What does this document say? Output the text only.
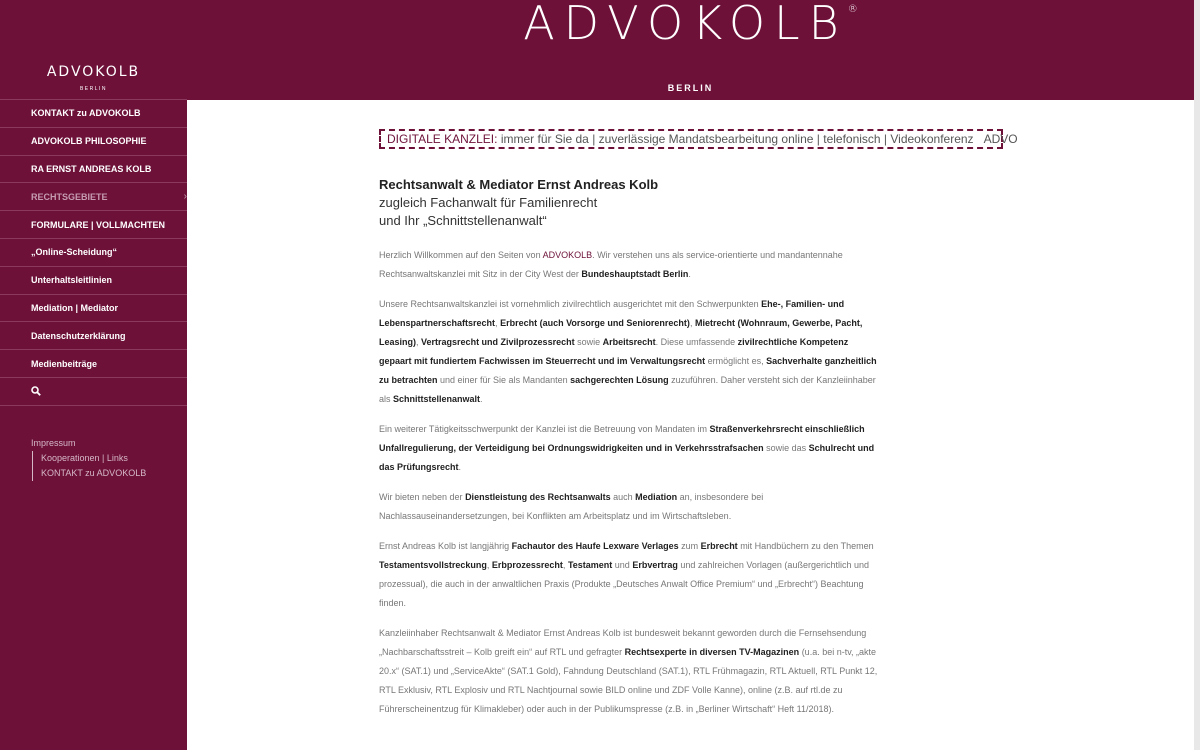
ADVOKOLB
BERLIN
KONTAKT zu ADVOKOLB
ADVOKOLB PHILOSOPHIE
RA ERNST ANDREAS KOLB
RECHTSGEBIETE	›
FORMULARE | VOLLMACHTEN
„Online-Scheidung“
Unterhaltsleitlinien
Mediation | Mediator
Datenschutzerklärung
Medienbeiträge
Impressum
Kooperationen | Links
KONTAKT zu ADVOKOLB
ADVOKOLB®
BERLIN
DIGITALE KANZLEI: immer für Sie da | zuverlässige Mandatsbearbeitung online | telefonisch | Videokonferenz ADVO
Rechtsanwalt & Mediator Ernst Andreas Kolb
zugleich Fachanwalt für Familienrecht
und Ihr „Schnittstellenanwalt“

Herzlich Willkommen auf den Seiten von ADVOKOLB. Wir verstehen uns als service-orientierte und mandantennahe Rechtsanwaltskanzlei mit Sitz in der City West der Bundeshauptstadt Berlin.

Unsere Rechtsanwaltskanzlei ist vornehmlich zivilrechtlich ausgerichtet mit den Schwerpunkten Ehe-, Familien- und Lebenspartnerschaftsrecht, Erbrecht (auch Vorsorge und Seniorenrecht), Mietrecht (Wohnraum, Gewerbe, Pacht, Leasing), Vertragsrecht und Zivilprozessrecht sowie Arbeitsrecht. Diese umfassende zivilrechtliche Kompetenz gepaart mit fundiertem Fachwissen im Steuerrecht und im Verwaltungsrecht ermöglicht es, Sachverhalte ganzheitlich zu betrachten und einer für Sie als Mandanten sachgerechten Lösung zuzuführen. Daher versteht sich der Kanzleiinhaber als Schnittstellenanwalt.

Ein weiterer Tätigkeitsschwerpunkt der Kanzlei ist die Betreuung von Mandaten im Straßenverkehrsrecht einschließlich Unfallregulierung, der Verteidigung bei Ordnungswidrigkeiten und in Verkehrsstrafsachen sowie das Schulrecht und das Prüfungsrecht.

Wir bieten neben der Dienstleistung des Rechtsanwalts auch Mediation an, insbesondere bei Nachlassauseinandersetzungen, bei Konflikten am Arbeitsplatz und im Wirtschaftsleben.

Ernst Andreas Kolb ist langjährig Fachautor des Haufe Lexware Verlages zum Erbrecht mit Handbüchern zu den Themen Testamentsvollstreckung, Erbprozessrecht, Testament und Erbvertrag und zahlreichen Vorlagen (außergerichtlich und prozessual), die auch in der anwaltlichen Praxis (Produkte „Deutsches Anwalt Office Premium“ und „Erbrecht“) Beachtung finden.

Kanzleiinhaber Rechtsanwalt & Mediator Ernst Andreas Kolb ist bundesweit bekannt geworden durch die Fernsehsendung „Nachbarschaftsstreit – Kolb greift ein“ auf RTL und gefragter Rechtsexperte in diversen TV-Magazinen (u.a. bei n-tv, „akte 20.x“ (SAT.1) und „ServiceAkte“ (SAT.1 Gold), Fahndung Deutschland (SAT.1), RTL Frühmagazin, RTL Aktuell, RTL Punkt 12, RTL Exklusiv, RTL Explosiv und RTL Nachtjournal sowie BILD online und ZDF Volle Kanne), online (z.B. auf rtl.de zu Führerscheinentzug für Klimakleber) oder auch in der Publikumspresse (z.B. in „Berliner Wirtschaft“ Heft 11/2018).
